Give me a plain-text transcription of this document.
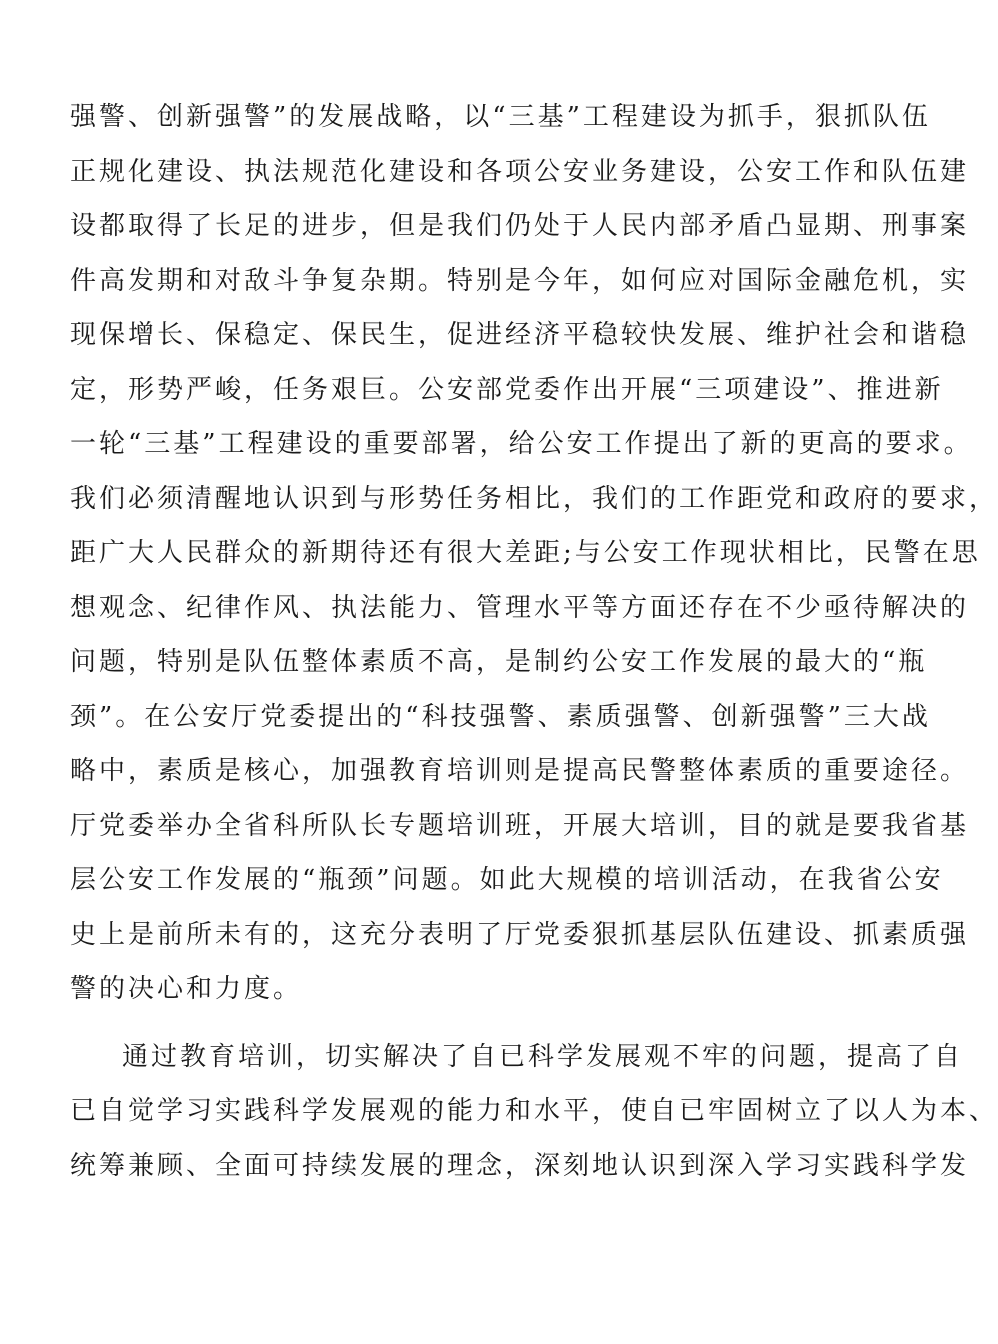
强警、创新强警”的发展战略，以“三基”工程建设为抓手，狠抓队伍
正规化建设、执法规范化建设和各项公安业务建设，公安工作和队伍建
设都取得了长足的进步，但是我们仍处于人民内部矛盾凸显期、刑事案
件高发期和对敌斗争复杂期。特别是今年，如何应对国际金融危机，实
现保增长、保稳定、保民生，促进经济平稳较快发展、维护社会和谐稳
定，形势严峻，任务艰巨。公安部党委作出开展“三项建设”、推进新
一轮“三基”工程建设的重要部署，给公安工作提出了新的更高的要求。
我们必须清醒地认识到与形势任务相比，我们的工作距党和政府的要求，
距广大人民群众的新期待还有很大差距;与公安工作现状相比，民警在思
想观念、纪律作风、执法能力、管理水平等方面还存在不少亟待解决的
问题，特别是队伍整体素质不高，是制约公安工作发展的最大的“瓶
颈”。在公安厅党委提出的“科技强警、素质强警、创新强警”三大战
略中，素质是核心，加强教育培训则是提高民警整体素质的重要途径。
厅党委举办全省科所队长专题培训班，开展大培训，目的就是要我省基
层公安工作发展的“瓶颈”问题。如此大规模的培训活动，在我省公安
史上是前所未有的，这充分表明了厅党委狠抓基层队伍建设、抓素质强
警的决心和力度。
通过教育培训，切实解决了自已科学发展观不牢的问题，提高了自
已自觉学习实践科学发展观的能力和水平，使自已牢固树立了以人为本、
统筹兼顾、全面可持续发展的理念，深刻地认识到深入学习实践科学发
